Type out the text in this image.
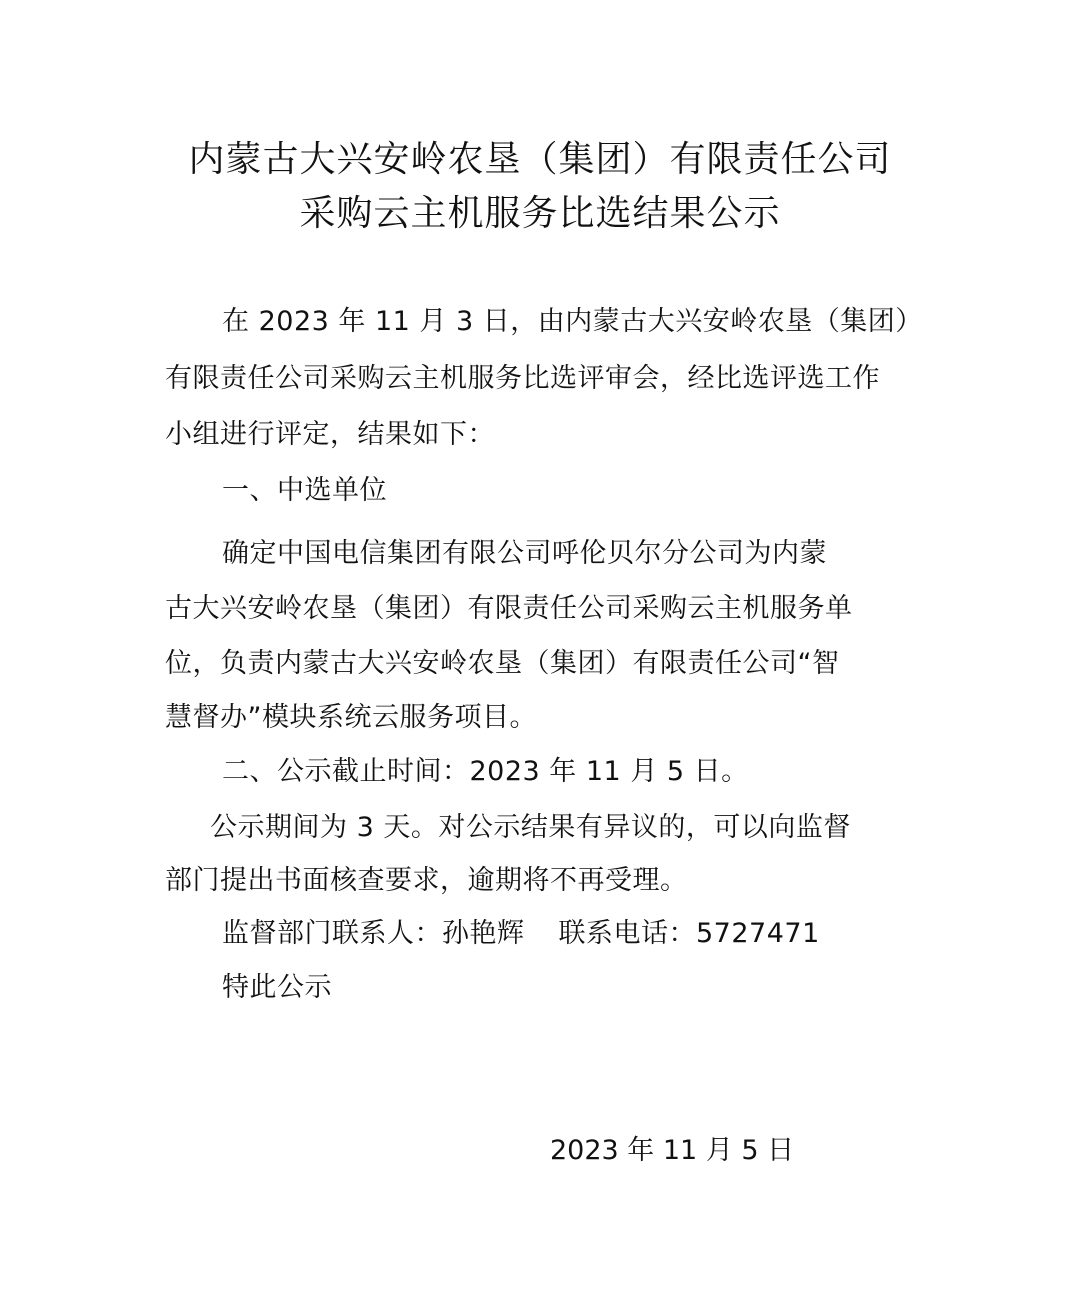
内蒙古大兴安岭农垦（集团）有限责任公司
采购云主机服务比选结果公示
在 2023 年 11 月 3 日，由内蒙古大兴安岭农垦（集团）
有限责任公司采购云主机服务比选评审会，经比选评选工作
小组进行评定，结果如下：
一、中选单位
确定中国电信集团有限公司呼伦贝尔分公司为内蒙
古大兴安岭农垦（集团）有限责任公司采购云主机服务单
位，负责内蒙古大兴安岭农垦（集团）有限责任公司“智
慧督办”模块系统云服务项目。
二、公示截止时间：2023 年 11 月 5 日。
公示期间为 3 天。对公示结果有异议的，可以向监督
部门提出书面核查要求，逾期将不再受理。
监督部门联系人：孙艳辉 联系电话：5727471
特此公示
2023 年 11 月 5 日
